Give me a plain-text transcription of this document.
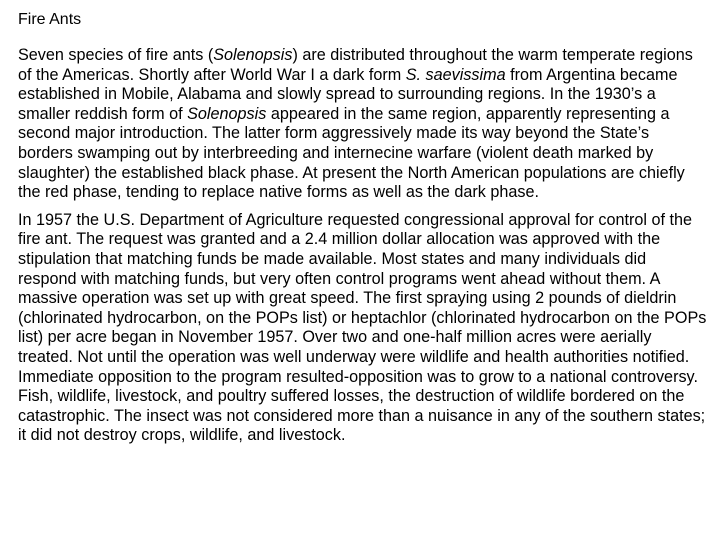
Fire Ants

Seven species of fire ants (Solenopsis) are distributed throughout the warm temperate regions of the Americas. Shortly after World War I a dark form S. saevissima from Argentina became established in Mobile, Alabama and slowly spread to surrounding regions. In the 1930’s a smaller reddish form of Solenopsis appeared in the same region, apparently representing a second major introduction. The latter form aggressively made its way beyond the State’s borders swamping out by interbreeding and internecine warfare (violent death marked by slaughter) the established black phase. At present the North American populations are chiefly the red phase, tending to replace native forms as well as the dark phase.

In 1957 the U.S. Department of Agriculture requested congressional approval for control of the fire ant. The request was granted and a 2.4 million dollar allocation was approved with the stipulation that matching funds be made available. Most states and many individuals did respond with matching funds, but very often control programs went ahead without them. A massive operation was set up with great speed. The first spraying using 2 pounds of dieldrin (chlorinated hydrocarbon, on the POPs list) or heptachlor (chlorinated hydrocarbon on the POPs list) per acre began in November 1957. Over two and one-half million acres were aerially treated. Not until the operation was well underway were wildlife and health authorities notified. Immediate opposition to the program resulted-opposition was to grow to a national controversy. Fish, wildlife, livestock, and poultry suffered losses, the destruction of wildlife bordered on the catastrophic. The insect was not considered more than a nuisance in any of the southern states; it did not destroy crops, wildlife, and livestock.
